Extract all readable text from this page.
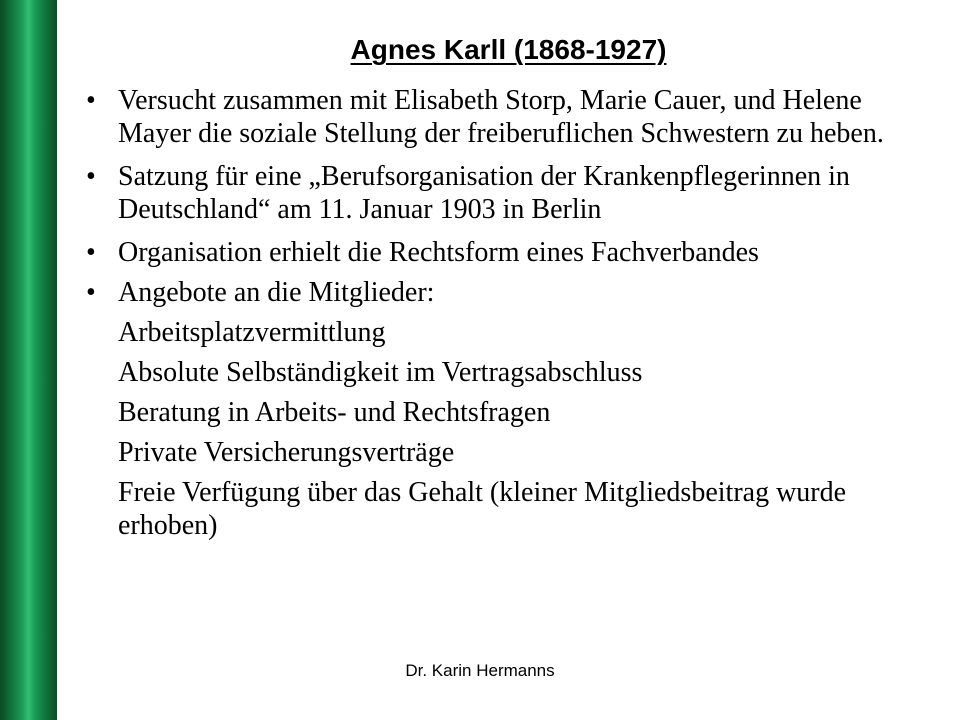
Agnes Karll (1868-1927)
• Versucht zusammen mit Elisabeth Storp, Marie Cauer, und Helene Mayer die soziale Stellung der freiberuflichen Schwestern zu heben.
• Satzung für eine „Berufsorganisation der Krankenpflegerinnen in Deutschland“ am 11. Januar 1903 in Berlin
• Organisation erhielt die Rechtsform eines Fachverbandes
• Angebote an die Mitglieder:
Arbeitsplatzvermittlung
Absolute Selbständigkeit im Vertragsabschluss
Beratung in Arbeits- und Rechtsfragen
Private Versicherungsverträge
Freie Verfügung über das Gehalt (kleiner Mitgliedsbeitrag wurde erhoben)
Dr. Karin Hermanns
